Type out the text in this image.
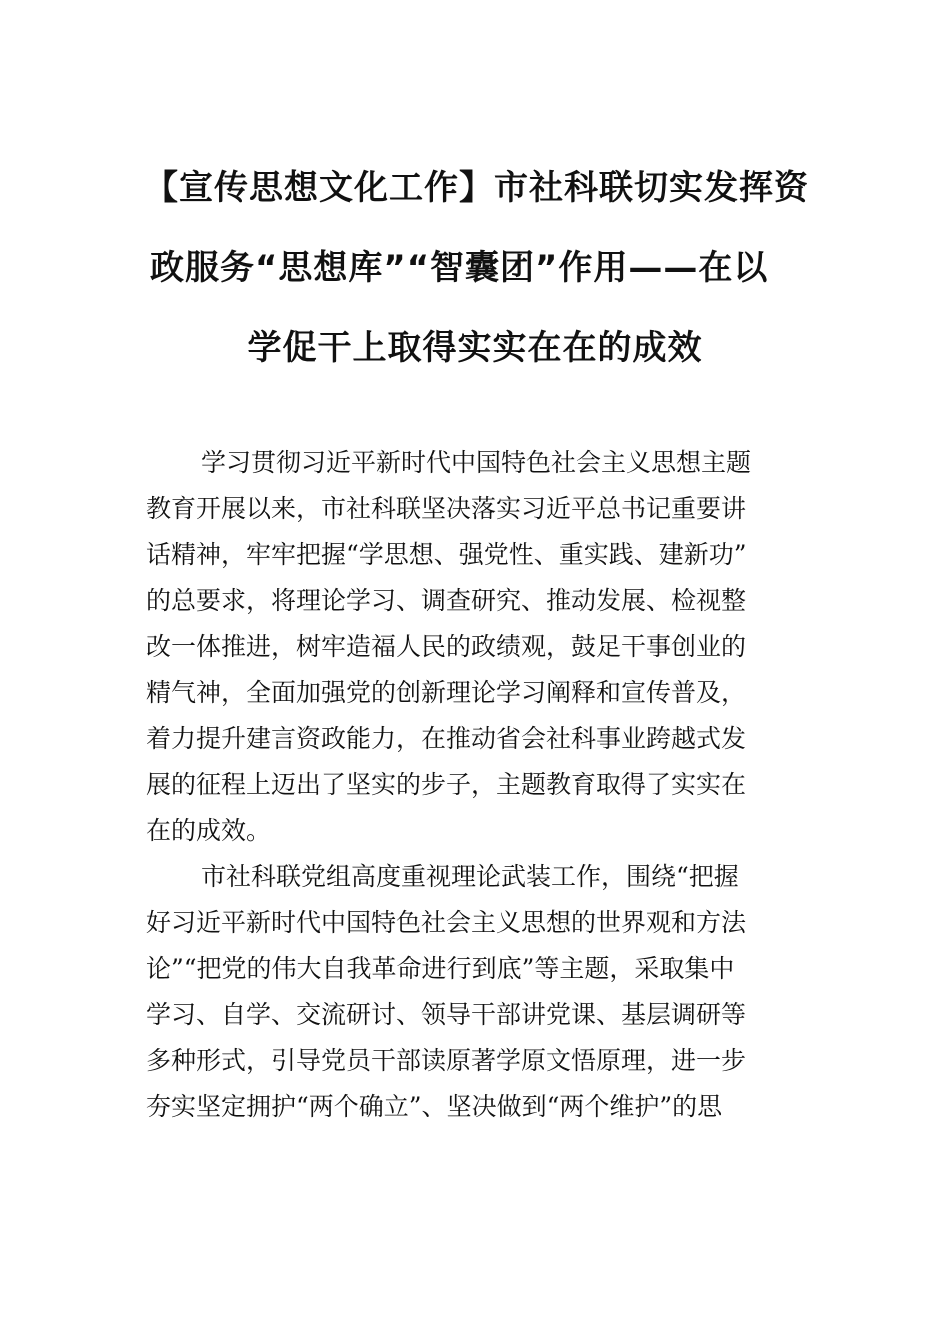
【宣传思想文化工作】市社科联切实发挥资
政服务“思想库”“智囊团”作用——在以
学促干上取得实实在在的成效
学习贯彻习近平新时代中国特色社会主义思想主题
教育开展以来，市社科联坚决落实习近平总书记重要讲
话精神，牢牢把握“学思想、强党性、重实践、建新功”
的总要求，将理论学习、调查研究、推动发展、检视整
改一体推进，树牢造福人民的政绩观，鼓足干事创业的
精气神，全面加强党的创新理论学习阐释和宣传普及，
着力提升建言资政能力，在推动省会社科事业跨越式发
展的征程上迈出了坚实的步子，主题教育取得了实实在
在的成效。
市社科联党组高度重视理论武装工作，围绕“把握
好习近平新时代中国特色社会主义思想的世界观和方法
论”“把党的伟大自我革命进行到底”等主题，采取集中
学习、自学、交流研讨、领导干部讲党课、基层调研等
多种形式，引导党员干部读原著学原文悟原理，进一步
夯实坚定拥护“两个确立”、坚决做到“两个维护”的思
